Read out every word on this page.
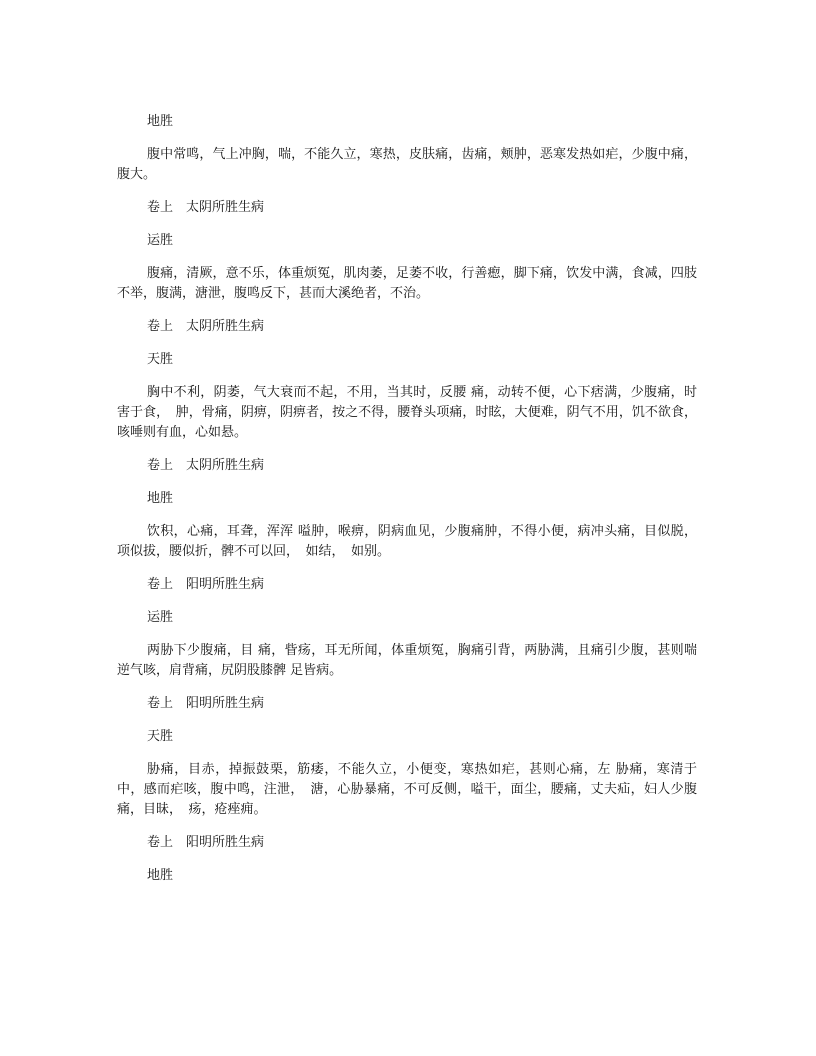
地胜

腹中常鸣，气上冲胸，喘，不能久立，寒热，皮肤痛，齿痛，颊肿，恶寒发热如疟，少腹中痛，腹大。

卷上　太阴所胜生病

运胜

腹痛，清厥，意不乐，体重烦冤，肌肉萎，足萎不收，行善瘛，脚下痛，饮发中满，食减，四肢不举，腹满，溏泄，腹鸣反下，甚而大溪绝者，不治。

卷上　太阴所胜生病

天胜

胸中不利，阴萎，气大衰而不起，不用，当其时，反腰 痛，动转不便，心下痞满，少腹痛，时害于食，　肿，骨痛，阴痹，阴痹者，按之不得，腰脊头项痛，时眩，大便难，阴气不用，饥不欲食，咳唾则有血，心如悬。

卷上　太阴所胜生病

地胜

饮积，心痛，耳聋，浑浑 嗌肿，喉痹，阴病血见，少腹痛肿，不得小便，病冲头痛，目似脱，项似拔，腰似折，髀不可以回，　如结，　如别。

卷上　阳明所胜生病

运胜

两胁下少腹痛，目 痛，眥疡，耳无所闻，体重烦冤，胸痛引背，两胁满，且痛引少腹，甚则喘逆气咳，肩背痛，尻阴股膝髀 足皆病。

卷上　阳明所胜生病

天胜

胁痛，目赤，掉振鼓栗，筋痿，不能久立，小便变，寒热如疟，甚则心痛，左 胁痛，寒清于中，感而疟咳，腹中鸣，注泄，　溏，心胁暴痛，不可反侧，嗌干，面尘，腰痛，丈夫疝，妇人少腹痛，目昧，　疡，疮痤痈。

卷上　阳明所胜生病

地胜
